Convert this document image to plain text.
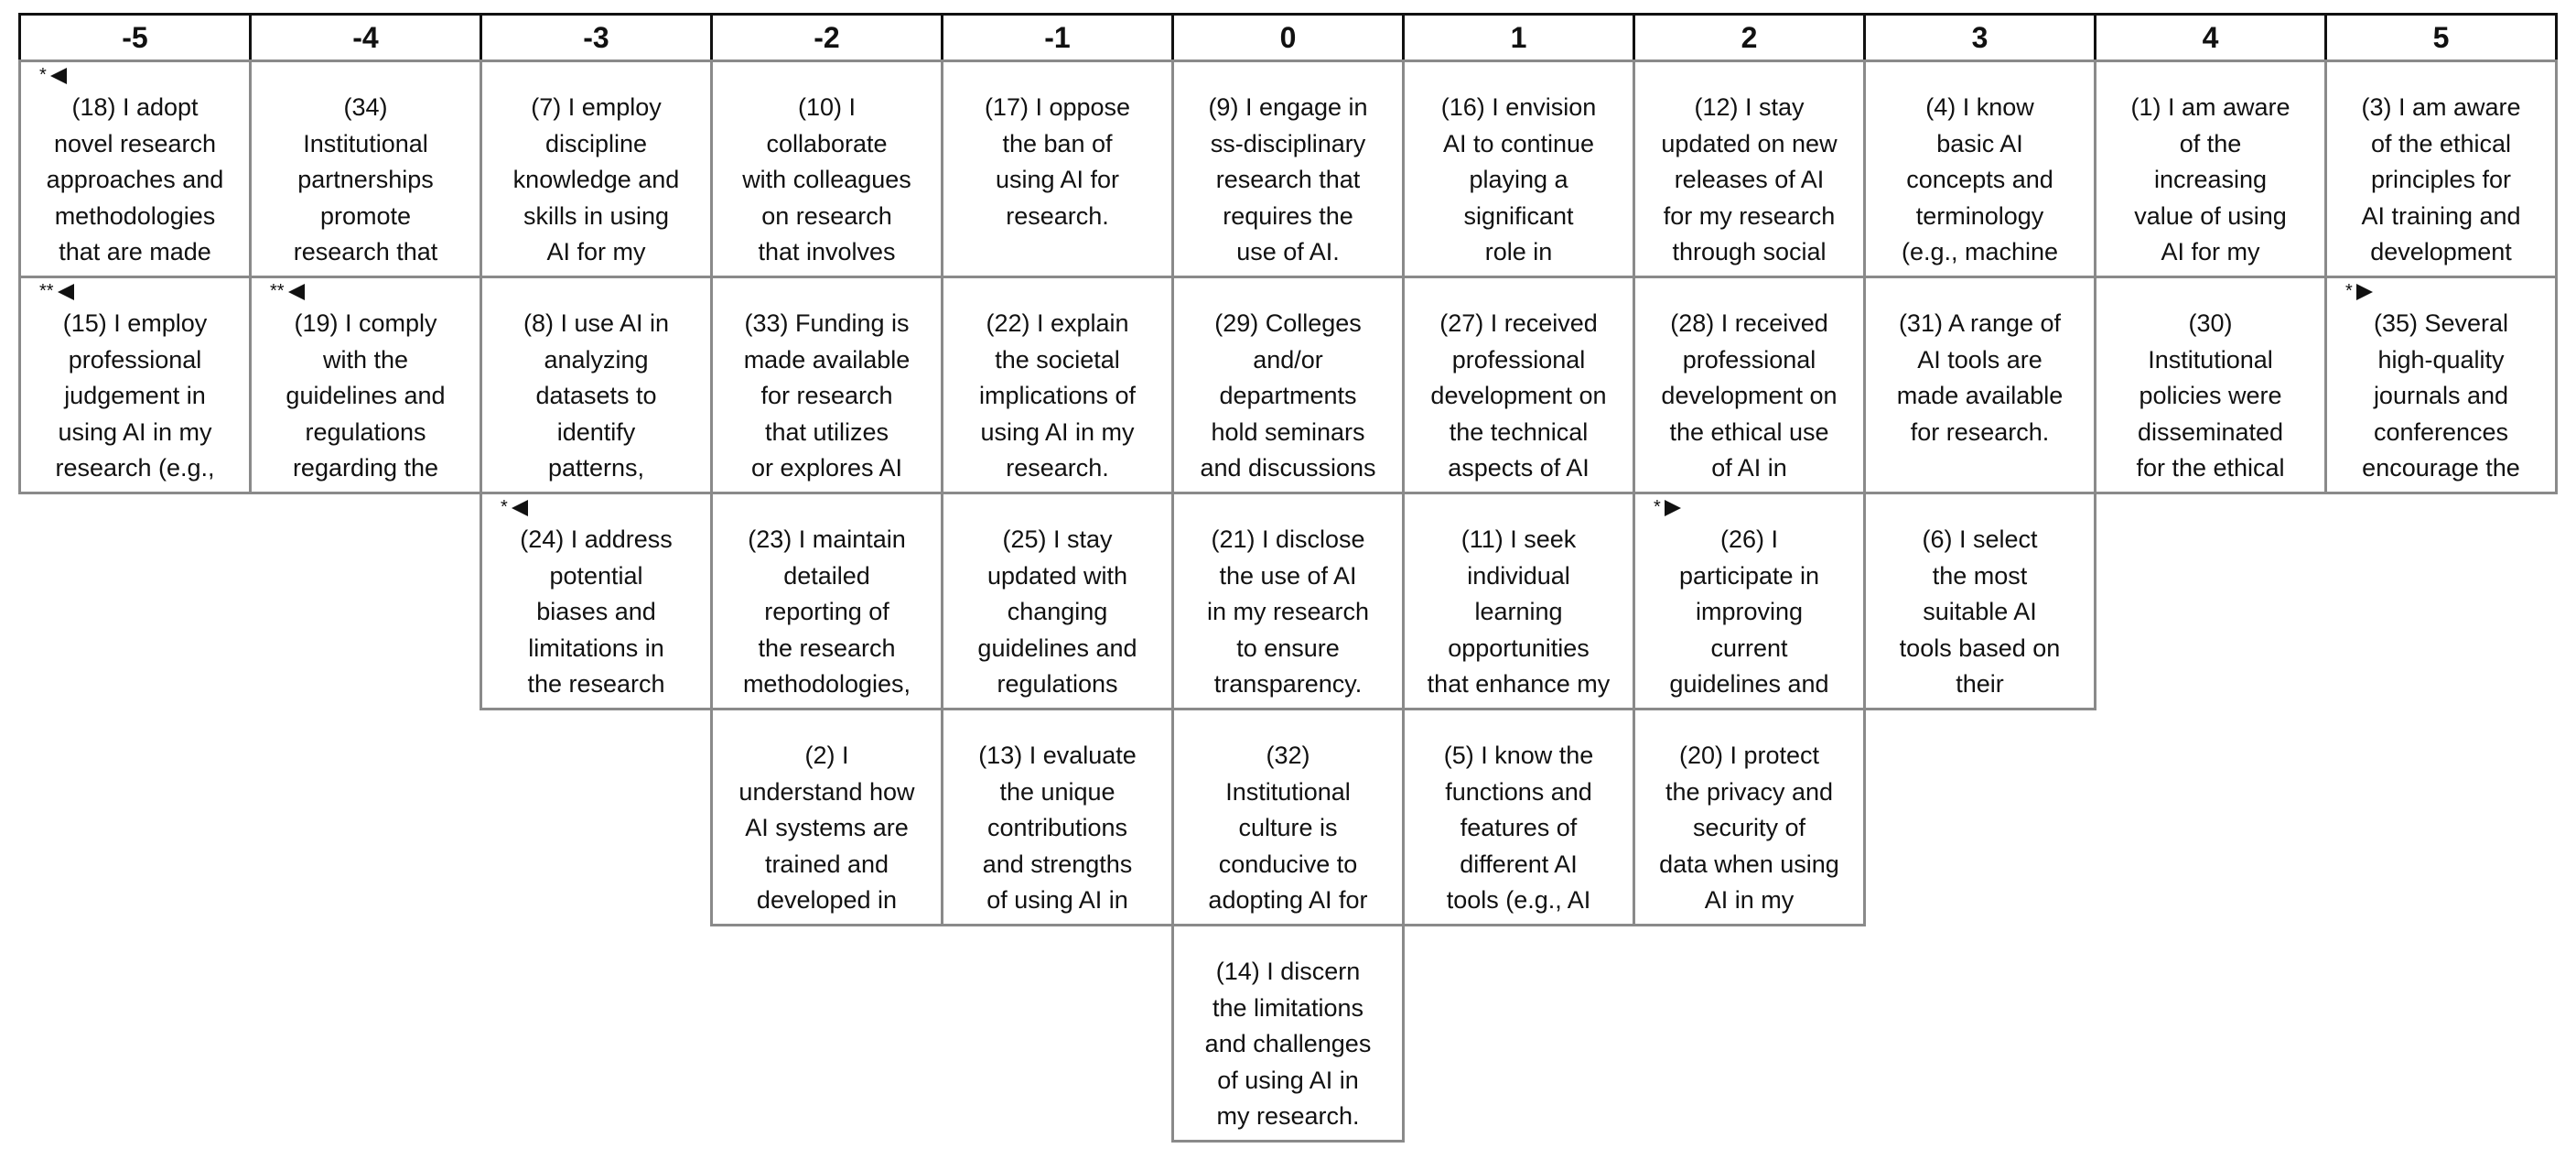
-5
*
(18) I adopt
novel research
approaches and
methodologies
that are made
**
(15) I employ
professional
judgement in
using AI in my
research (e.g.,
-4
(34)
Institutional
partnerships
promote
research that
**
(19) I comply
with the
guidelines and
regulations
regarding the
-3
(7) I employ
discipline
knowledge and
skills in using
AI for my
(8) I use AI in
analyzing
datasets to
identify
patterns,
*
(24) I address
potential
biases and
limitations in
the research
-2
(10) I
collaborate
with colleagues
on research
that involves
(33) Funding is
made available
for research
that utilizes
or explores AI
(23) I maintain
detailed
reporting of
the research
methodologies,
(2) I
understand how
AI systems are
trained and
developed in
-1
(17) I oppose
the ban of
using AI for
research.
(22) I explain
the societal
implications of
using AI in my
research.
(25) I stay
updated with
changing
guidelines and
regulations
(13) I evaluate
the unique
contributions
and strengths
of using AI in
0
(9) I engage in
ss-disciplinary
research that
requires the
use of AI.
(29) Colleges
and/or
departments
hold seminars
and discussions
(21) I disclose
the use of AI
in my research
to ensure
transparency.
(32)
Institutional
culture is
conducive to
adopting AI for
(14) I discern
the limitations
and challenges
of using AI in
my research.
1
(16) I envision
AI to continue
playing a
significant
role in
(27) I received
professional
development on
the technical
aspects of AI
(11) I seek
individual
learning
opportunities
that enhance my
(5) I know the
functions and
features of
different AI
tools (e.g., AI
2
(12) I stay
updated on new
releases of AI
for my research
through social
(28) I received
professional
development on
the ethical use
of AI in
*
(26) I
participate in
improving
current
guidelines and
(20) I protect
the privacy and
security of
data when using
AI in my
3
(4) I know
basic AI
concepts and
terminology
(e.g., machine
(31) A range of
AI tools are
made available
for research.
(6) I select
the most
suitable AI
tools based on
their
4
(1) I am aware
of the
increasing
value of using
AI for my
(30)
Institutional
policies were
disseminated
for the ethical
5
(3) I am aware
of the ethical
principles for
AI training and
development
*
(35) Several
high-quality
journals and
conferences
encourage the
